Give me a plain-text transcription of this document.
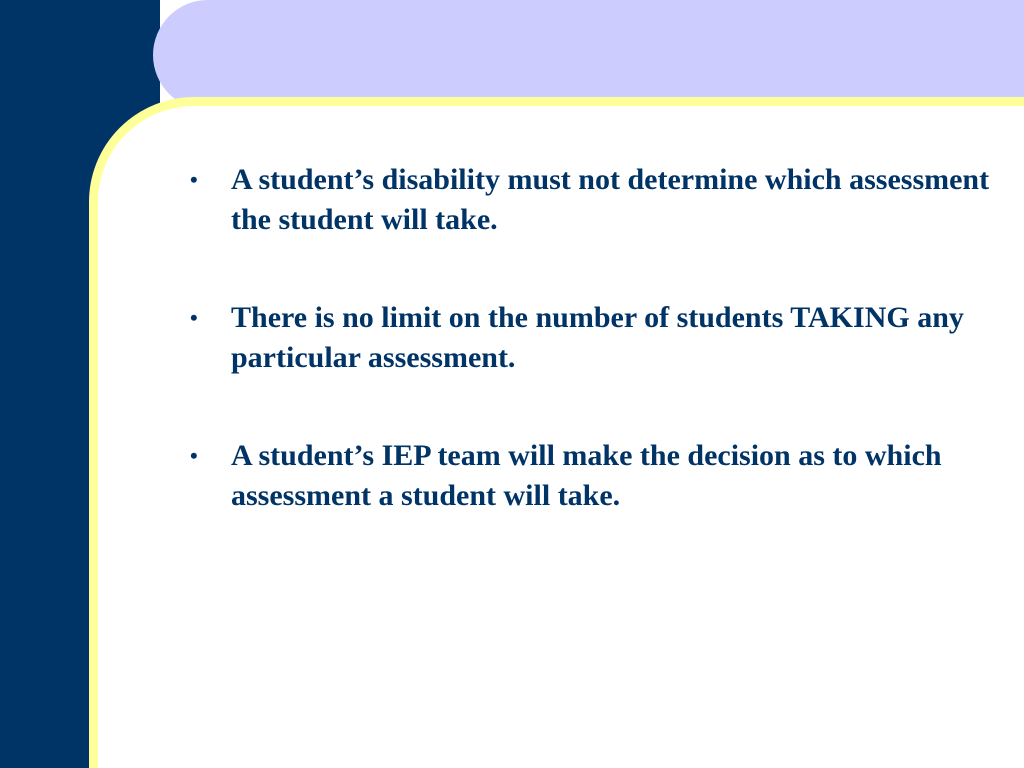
•	A student’s disability must not determine which assessment the student will take.
•	There is no limit on the number of students TAKING any particular assessment.
•	A student’s IEP team will make the decision as to which assessment a student will take.
